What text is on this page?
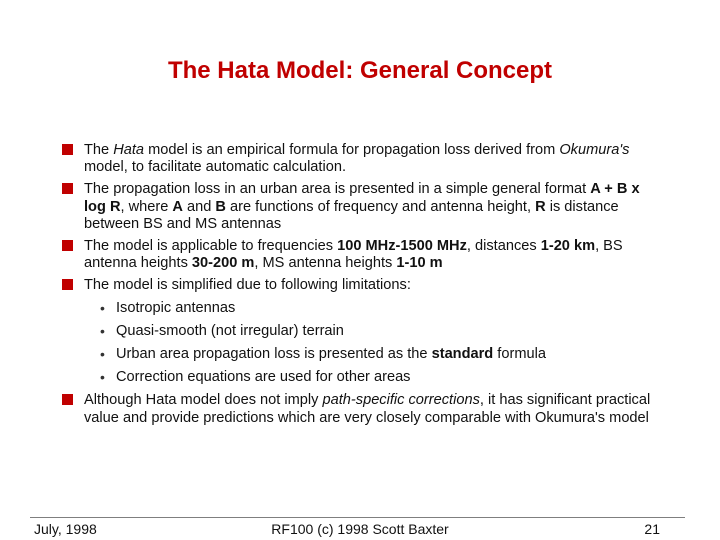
The Hata Model: General Concept
The Hata model is an empirical formula for propagation loss derived from Okumura's model, to facilitate automatic calculation.
The propagation loss in an urban area is presented in a simple general format A + B x log R, where A and B are functions of frequency and antenna height, R is distance between BS and MS antennas
The model is applicable to frequencies 100 MHz-1500 MHz, distances 1-20 km, BS antenna heights 30-200 m, MS antenna heights 1-10 m
The model is simplified due to following limitations:
• Isotropic antennas
• Quasi-smooth (not irregular) terrain
• Urban area propagation loss is presented as the standard formula
• Correction equations are used for other areas
Although Hata model does not imply path-specific corrections, it has significant practical value and provide predictions which are very closely comparable with Okumura's model
July, 1998	RF100 (c) 1998 Scott Baxter	21
